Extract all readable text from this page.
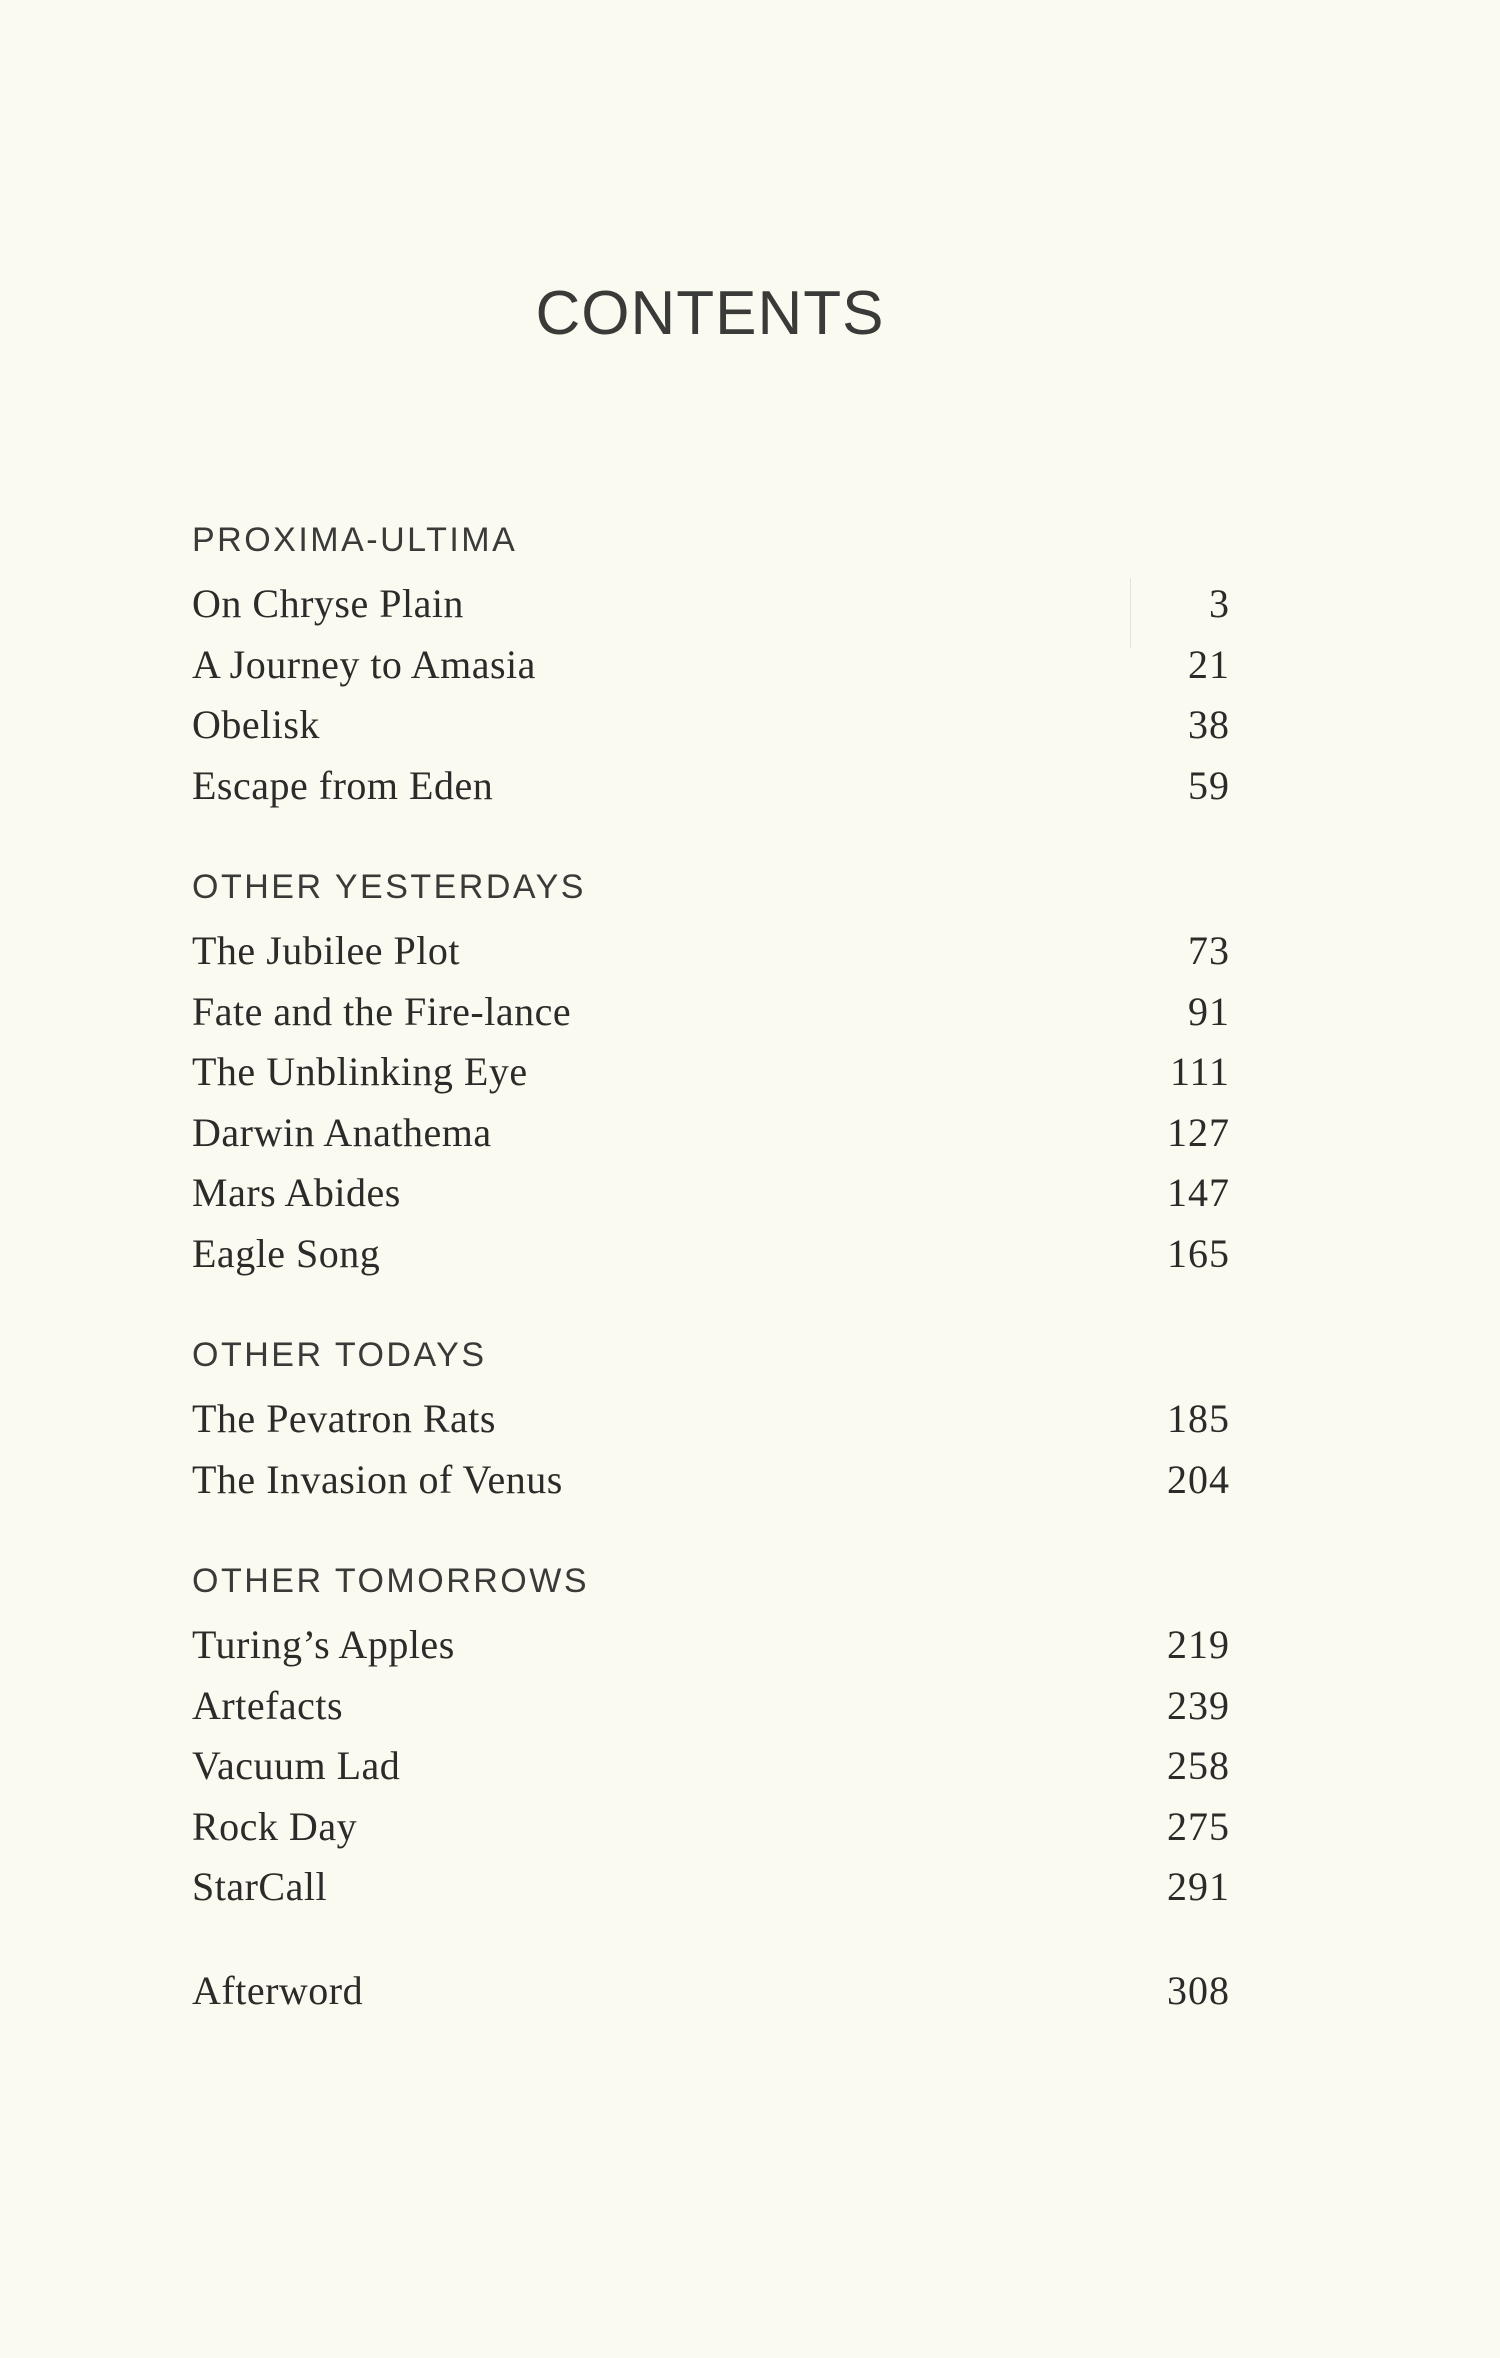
CONTENTS
PROXIMA-ULTIMA
On Chryse Plain	3
A Journey to Amasia	21
Obelisk	38
Escape from Eden	59
OTHER YESTERDAYS
The Jubilee Plot	73
Fate and the Fire-lance	91
The Unblinking Eye	111
Darwin Anathema	127
Mars Abides	147
Eagle Song	165
OTHER TODAYS
The Pevatron Rats	185
The Invasion of Venus	204
OTHER TOMORROWS
Turing’s Apples	219
Artefacts	239
Vacuum Lad	258
Rock Day	275
StarCall	291
Afterword	308
